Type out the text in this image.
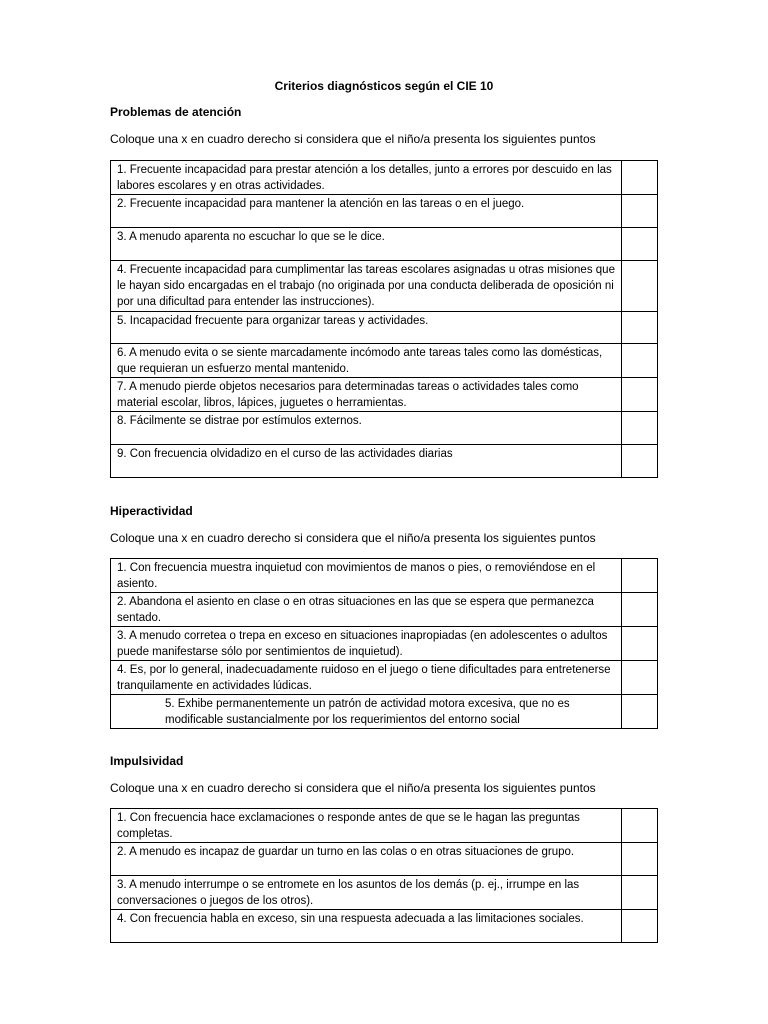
Criterios diagnósticos según el CIE 10
Problemas de atención
Coloque una x en cuadro derecho si considera que el niño/a presenta los siguientes puntos
1. Frecuente incapacidad para prestar atención a los detalles, junto a errores por descuido en las labores escolares y en otras actividades.	
2. Frecuente incapacidad para mantener la atención en las tareas o en el juego.	
3. A menudo aparenta no escuchar lo que se le dice.	
4. Frecuente incapacidad para cumplimentar las tareas escolares asignadas u otras misiones que le hayan sido encargadas en el trabajo (no originada por una conducta deliberada de oposición ni por una dificultad para entender las instrucciones).	
5. Incapacidad frecuente para organizar tareas y actividades.	
6. A menudo evita o se siente marcadamente incómodo ante tareas tales como las domésticas, que requieran un esfuerzo mental mantenido.	
7. A menudo pierde objetos necesarios para determinadas tareas o actividades tales como material escolar, libros, lápices, juguetes o herramientas.	
8. Fácilmente se distrae por estímulos externos.	
9. Con frecuencia olvidadizo en el curso de las actividades diarias	
Hiperactividad
Coloque una x en cuadro derecho si considera que el niño/a presenta los siguientes puntos
1. Con frecuencia muestra inquietud con movimientos de manos o pies, o removiéndose en el asiento.	
2. Abandona el asiento en clase o en otras situaciones en las que se espera que permanezca sentado.	
3. A menudo corretea o trepa en exceso en situaciones inapropiadas (en adolescentes o adultos puede manifestarse sólo por sentimientos de inquietud).	
4. Es, por lo general, inadecuadamente ruidoso en el juego o tiene dificultades para entretenerse tranquilamente en actividades lúdicas.	

5. Exhibe permanentemente un patrón de actividad motora excesiva, que no es modificable sustancialmente por los requerimientos del entorno social	

Impulsividad
Coloque una x en cuadro derecho si considera que el niño/a presenta los siguientes puntos
1. Con frecuencia hace exclamaciones o responde antes de que se le hagan las preguntas completas.	
2. A menudo es incapaz de guardar un turno en las colas o en otras situaciones de grupo.	
3. A menudo interrumpe o se entromete en los asuntos de los demás (p. ej., irrumpe en las conversaciones o juegos de los otros).	
4. Con frecuencia habla en exceso, sin una respuesta adecuada a las limitaciones sociales.	
